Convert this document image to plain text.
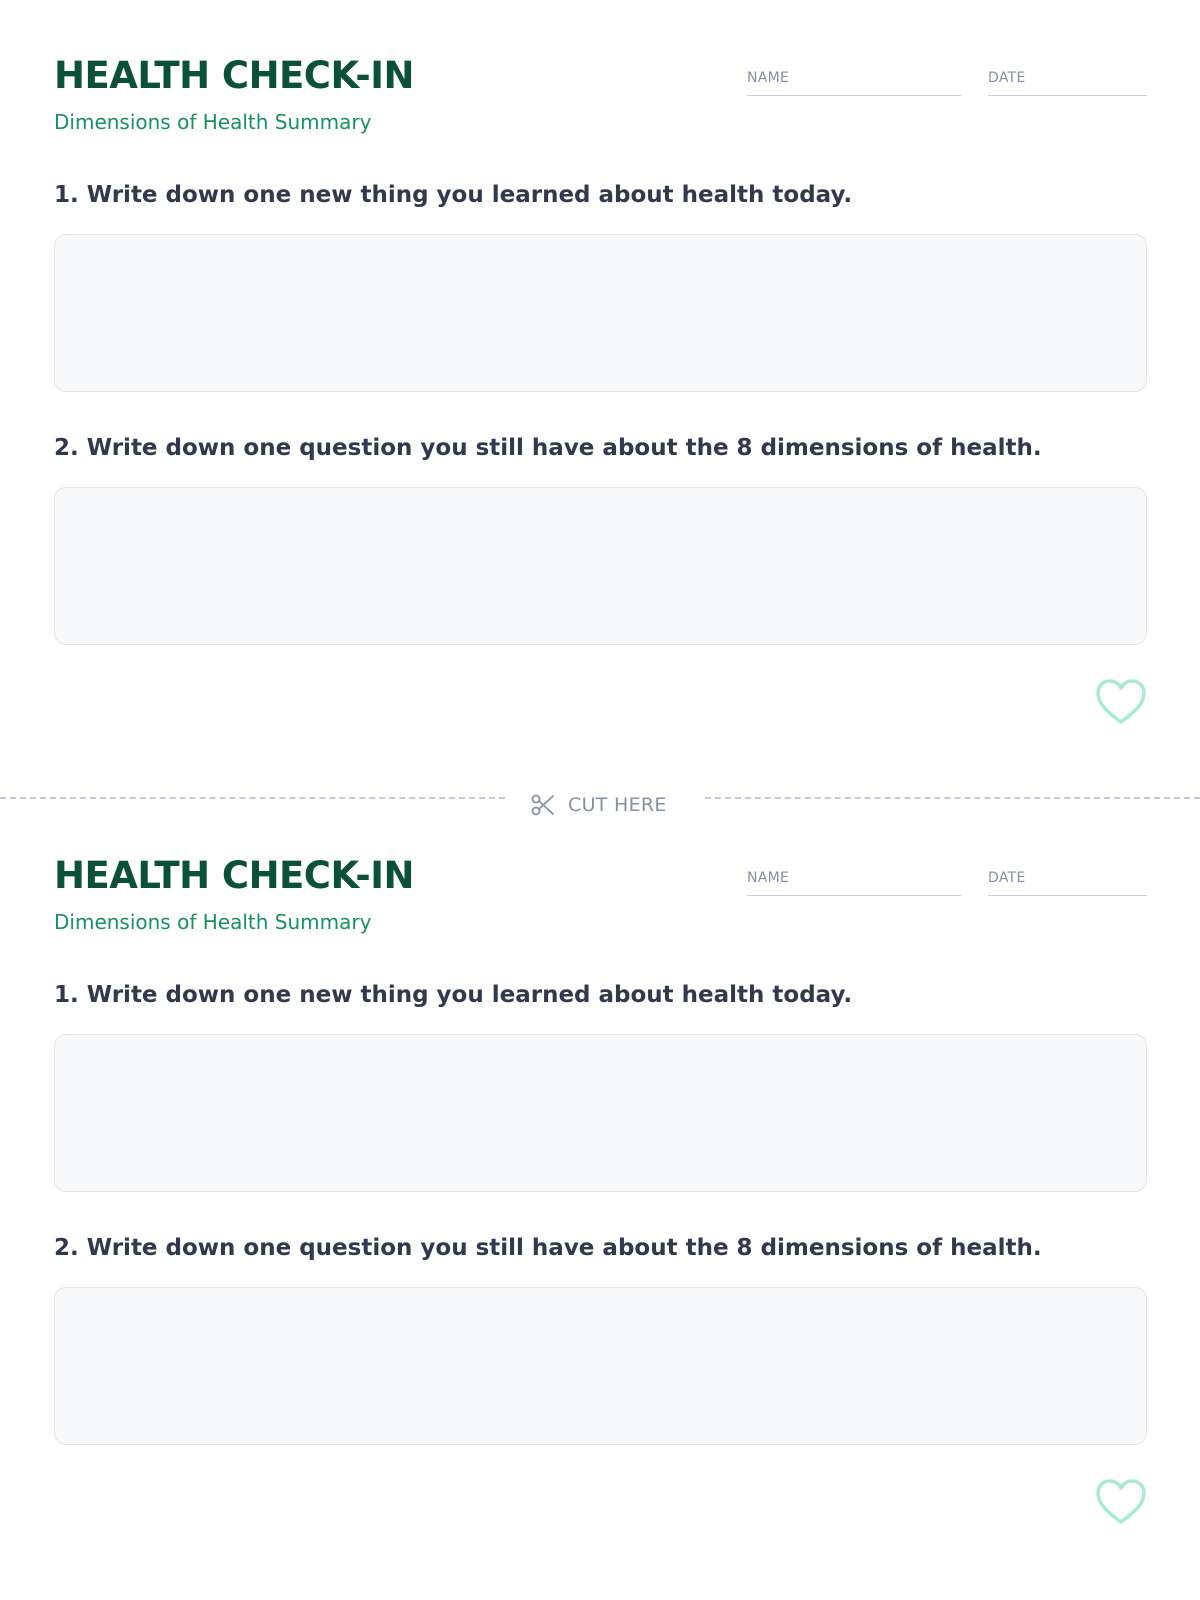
HEALTH CHECK-IN
Dimensions of Health Summary
NAME	DATE
1. Write down one new thing you learned about health today.
2. Write down one question you still have about the 8 dimensions of health.
CUT HERE
HEALTH CHECK-IN
Dimensions of Health Summary
NAME	DATE
1. Write down one new thing you learned about health today.
2. Write down one question you still have about the 8 dimensions of health.
